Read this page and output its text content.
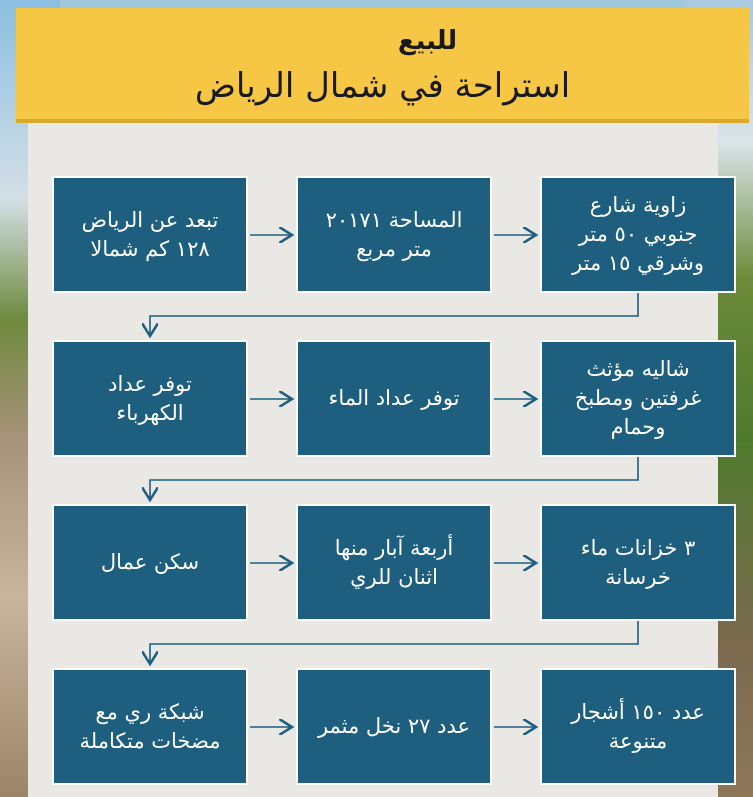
للبيع
استراحة في شمال الرياض
تبعد عن الرياض
١٢٨ كم شمالا
المساحة ٢٠١٧١
متر مربع
زاوية شارع
جنوبي ٥٠ متر
وشرقي ١٥ متر
توفر عداد
الكهرباء
توفر عداد الماء
شاليه مؤثث
غرفتين ومطبخ
وحمام
سكن عمال
أربعة آبار منها
اثنان للري
٣ خزانات ماء
خرسانة
شبكة ري مع
مضخات متكاملة
عدد ٢٧ نخل مثمر
عدد ١٥٠ أشجار
متنوعة
